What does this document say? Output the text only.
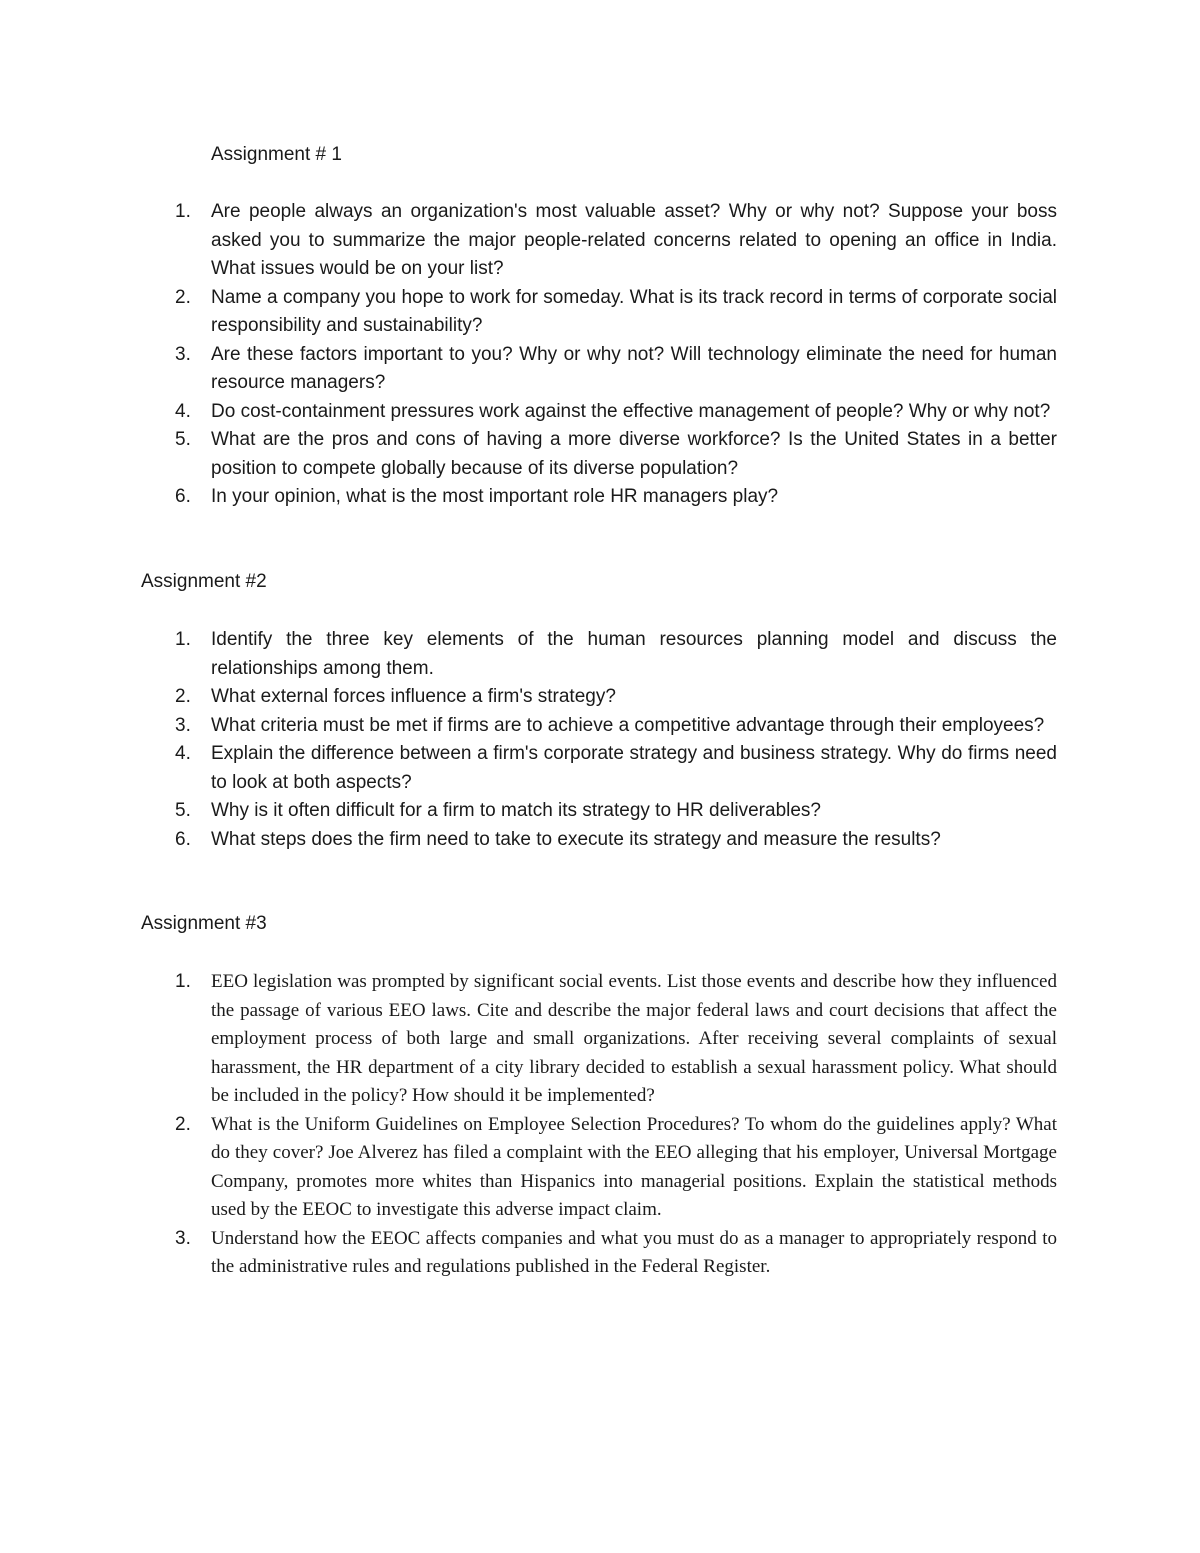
Assignment # 1
1. Are people always an organization's most valuable asset? Why or why not? Suppose your boss asked you to summarize the major people-related concerns related to opening an office in India. What issues would be on your list?
2. Name a company you hope to work for someday. What is its track record in terms of corporate social responsibility and sustainability?
3. Are these factors important to you? Why or why not? Will technology eliminate the need for human resource managers?
4. Do cost-containment pressures work against the effective management of people? Why or why not?
5. What are the pros and cons of having a more diverse workforce? Is the United States in a better position to compete globally because of its diverse population?
6. In your opinion, what is the most important role HR managers play?
Assignment #2
1. Identify the three key elements of the human resources planning model and discuss the relationships among them.
2. What external forces influence a firm's strategy?
3. What criteria must be met if firms are to achieve a competitive advantage through their employees?
4. Explain the difference between a firm's corporate strategy and business strategy. Why do firms need to look at both aspects?
5. Why is it often difficult for a firm to match its strategy to HR deliverables?
6. What steps does the firm need to take to execute its strategy and measure the results?
Assignment #3
1. EEO legislation was prompted by significant social events. List those events and describe how they influenced the passage of various EEO laws. Cite and describe the major federal laws and court decisions that affect the employment process of both large and small organizations. After receiving several complaints of sexual harassment, the HR department of a city library decided to establish a sexual harassment policy. What should be included in the policy? How should it be implemented?
2. What is the Uniform Guidelines on Employee Selection Procedures? To whom do the guidelines apply? What do they cover? Joe Alverez has filed a complaint with the EEO alleging that his employer, Universal Mortgage Company, promotes more whites than Hispanics into managerial positions. Explain the statistical methods used by the EEOC to investigate this adverse impact claim.
3. Understand how the EEOC affects companies and what you must do as a manager to appropriately respond to the administrative rules and regulations published in the Federal Register.
